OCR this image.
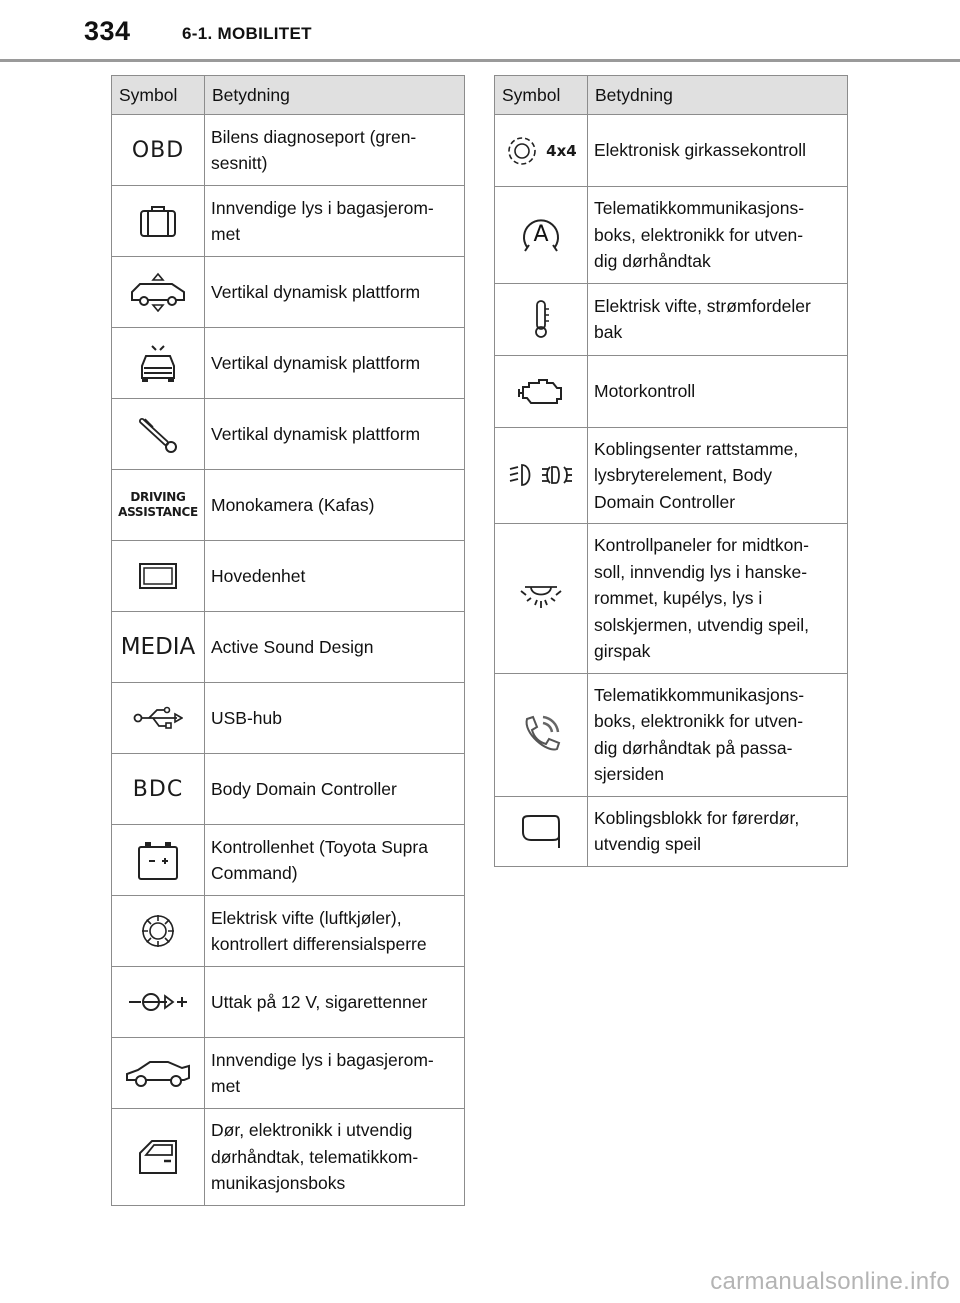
334	6-1. MOBILITET
Symbol	Betydning
OBD	Bilens diagnoseport (gren-
sesnitt)

	Innvendige lys i bagasjerom-
met

	Vertikal dynamisk plattform

	Vertikal dynamisk plattform

	Vertikal dynamisk plattform
DRIVING
ASSISTANCE	Monokamera (Kafas)

	Hovedenhet
MEDIA	Active Sound Design

	USB-hub
BDC	Body Domain Controller

	Kontrollenhet (Toyota Supra
Command)

	Elektrisk vifte (luftkjøler),
kontrollert differensialsperre

	Uttak på 12 V, sigarettenner

	Innvendige lys i bagasjerom-
met

	Dør, elektronikk i utvendig
dørhåndtak, telematikkom-
munikasjonsboks
Symbol	Betydning

4x4	Elektronisk girkassekontroll

A	Telematikkommunikasjons-
boks, elektronikk for utven-
dig dørhåndtak

	Elektrisk vifte, strømfordeler
bak

	Motorkontroll

	Koblingsenter rattstamme,
lysbryterelement, Body
Domain Controller

	Kontrollpaneler for midtkon-
soll, innvendig lys i hanske-
rommet, kupélys, lys i
solskjermen, utvendig speil,
girspak

	Telematikkommunikasjons-
boks, elektronikk for utven-
dig dørhåndtak på passa-
sjersiden

	Koblingsblokk for førerdør,
utvendig speil
carmanualsonline.info
